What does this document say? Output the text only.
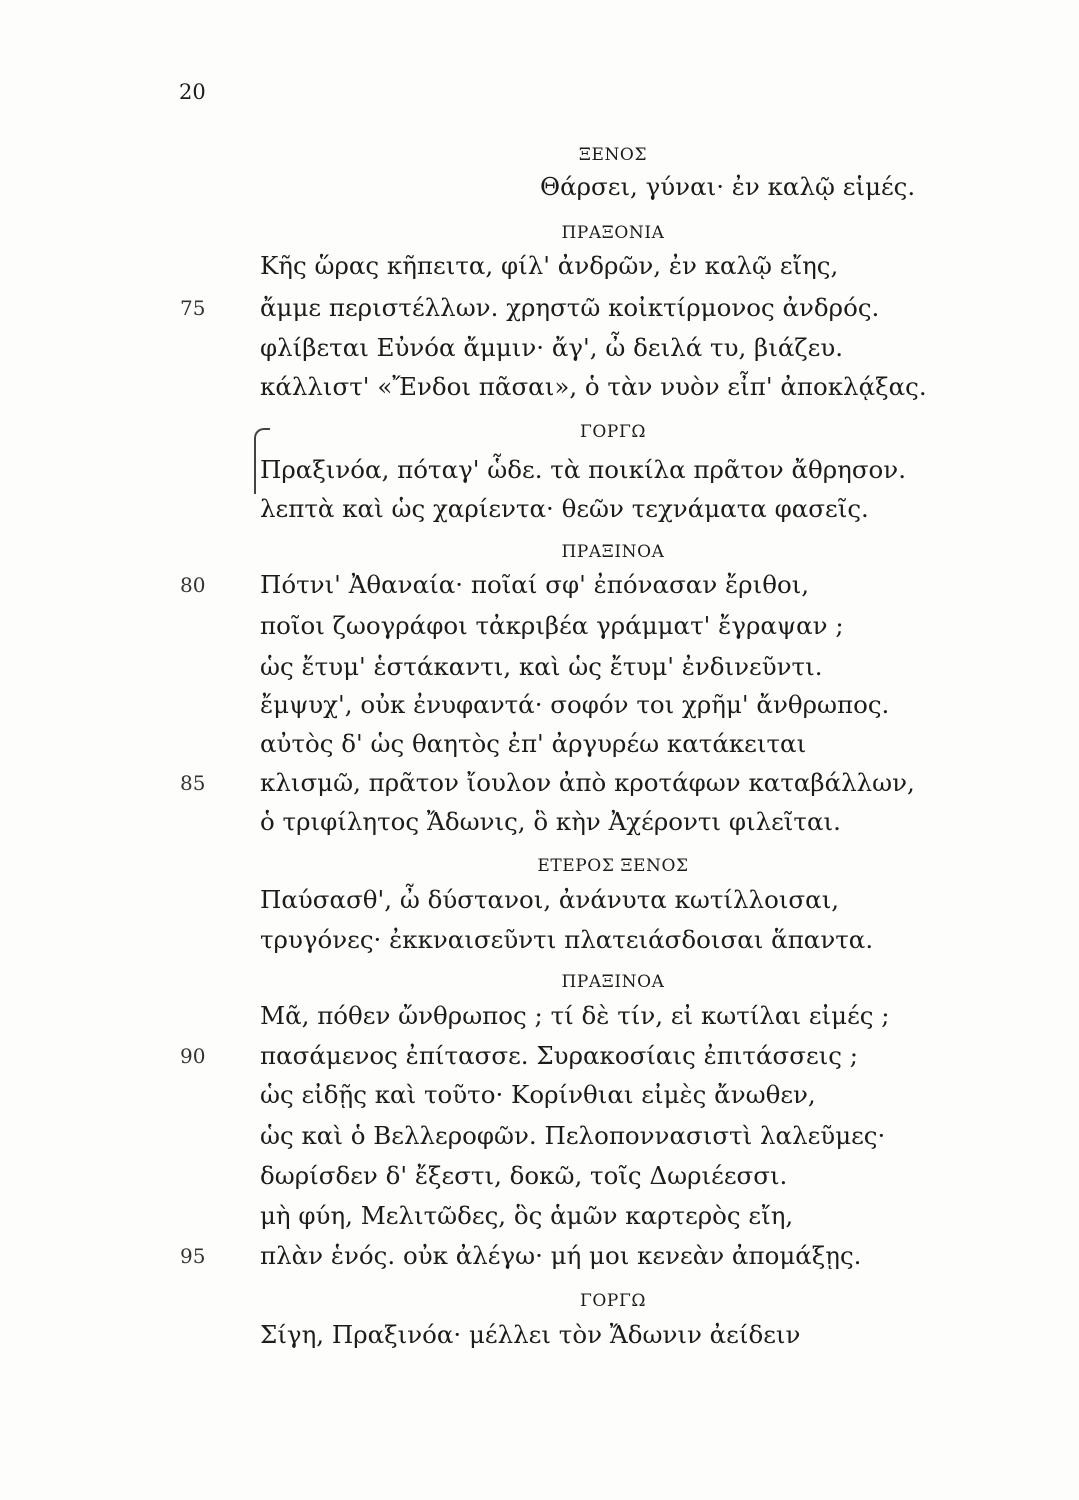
20
ΞΕΝΟΣ
Θάρσει, γύναι· ἐν καλῷ εἱμές.
ΠΡΑΞΟΝΙΑ
Κῆς ὥρας κῆπειτα, φίλ' ἀνδρῶν, ἐν καλῷ εἴης,
ἄμμε περιστέλλων. χρηστῶ κοἰκτίρμονος ἀνδρός.
φλίβεται Εὐνόα ἄμμιν· ἄγ', ὦ δειλά τυ, βιάζευ.
κάλλιστ' «Ἔνδοι πᾶσαι», ὁ τὰν νυὸν εἶπ' ἀποκλᾴξας.
ΓΟΡΓΩ
Πραξινόα, πόταγ' ὧδε. τὰ ποικίλα πρᾶτον ἄθρησον.
λεπτὰ καὶ ὡς χαρίεντα· θεῶν τεχνάματα φασεῖς.
ΠΡΑΞΙΝΟΑ
Πότνι' Ἀθαναία· ποῖαί σφ' ἐπόνασαν ἔριθοι,
ποῖοι ζωογράφοι τἀκριβέα γράμματ' ἔγραψαν ;
ὡς ἔτυμ' ἑστάκαντι, καὶ ὡς ἔτυμ' ἐνδινεῦντι.
ἔμψυχ', οὐκ ἐνυφαντά· σοφόν τοι χρῆμ' ἄνθρωπος.
αὐτὸς δ' ὡς θαητὸς ἐπ' ἀργυρέω κατάκειται
κλισμῶ, πρᾶτον ἴουλον ἀπὸ κροτάφων καταβάλλων,
ὁ τριφίλητος Ἄδωνις, ὃ κὴν Ἀχέροντι φιλεῖται.
ΕΤΕΡΟΣ ΞΕΝΟΣ
Παύσασθ', ὦ δύστανοι, ἀνάνυτα κωτίλλοισαι,
τρυγόνες· ἐκκναισεῦντι πλατειάσδοισαι ἅπαντα.
ΠΡΑΞΙΝΟΑ
Μᾶ, πόθεν ὤνθρωπος ; τί δὲ τίν, εἰ κωτίλαι εἰμές ;
πασάμενος ἐπίτασσε. Συρακοσίαις ἐπιτάσσεις ;
ὡς εἰδῇς καὶ τοῦτο· Κορίνθιαι εἰμὲς ἄνωθεν,
ὡς καὶ ὁ Βελλεροφῶν. Πελοποννασιστὶ λαλεῦμες·
δωρίσδεν δ' ἔξεστι, δοκῶ, τοῖς Δωριέεσσι.
μὴ φύη, Μελιτῶδες, ὃς ἁμῶν καρτερὸς εἴη,
πλὰν ἑνός. οὐκ ἀλέγω· μή μοι κενεὰν ἀπομάξῃς.
ΓΟΡΓΩ
Σίγη, Πραξινόα· μέλλει τὸν Ἄδωνιν ἀείδειν
75
80
85
90
95
